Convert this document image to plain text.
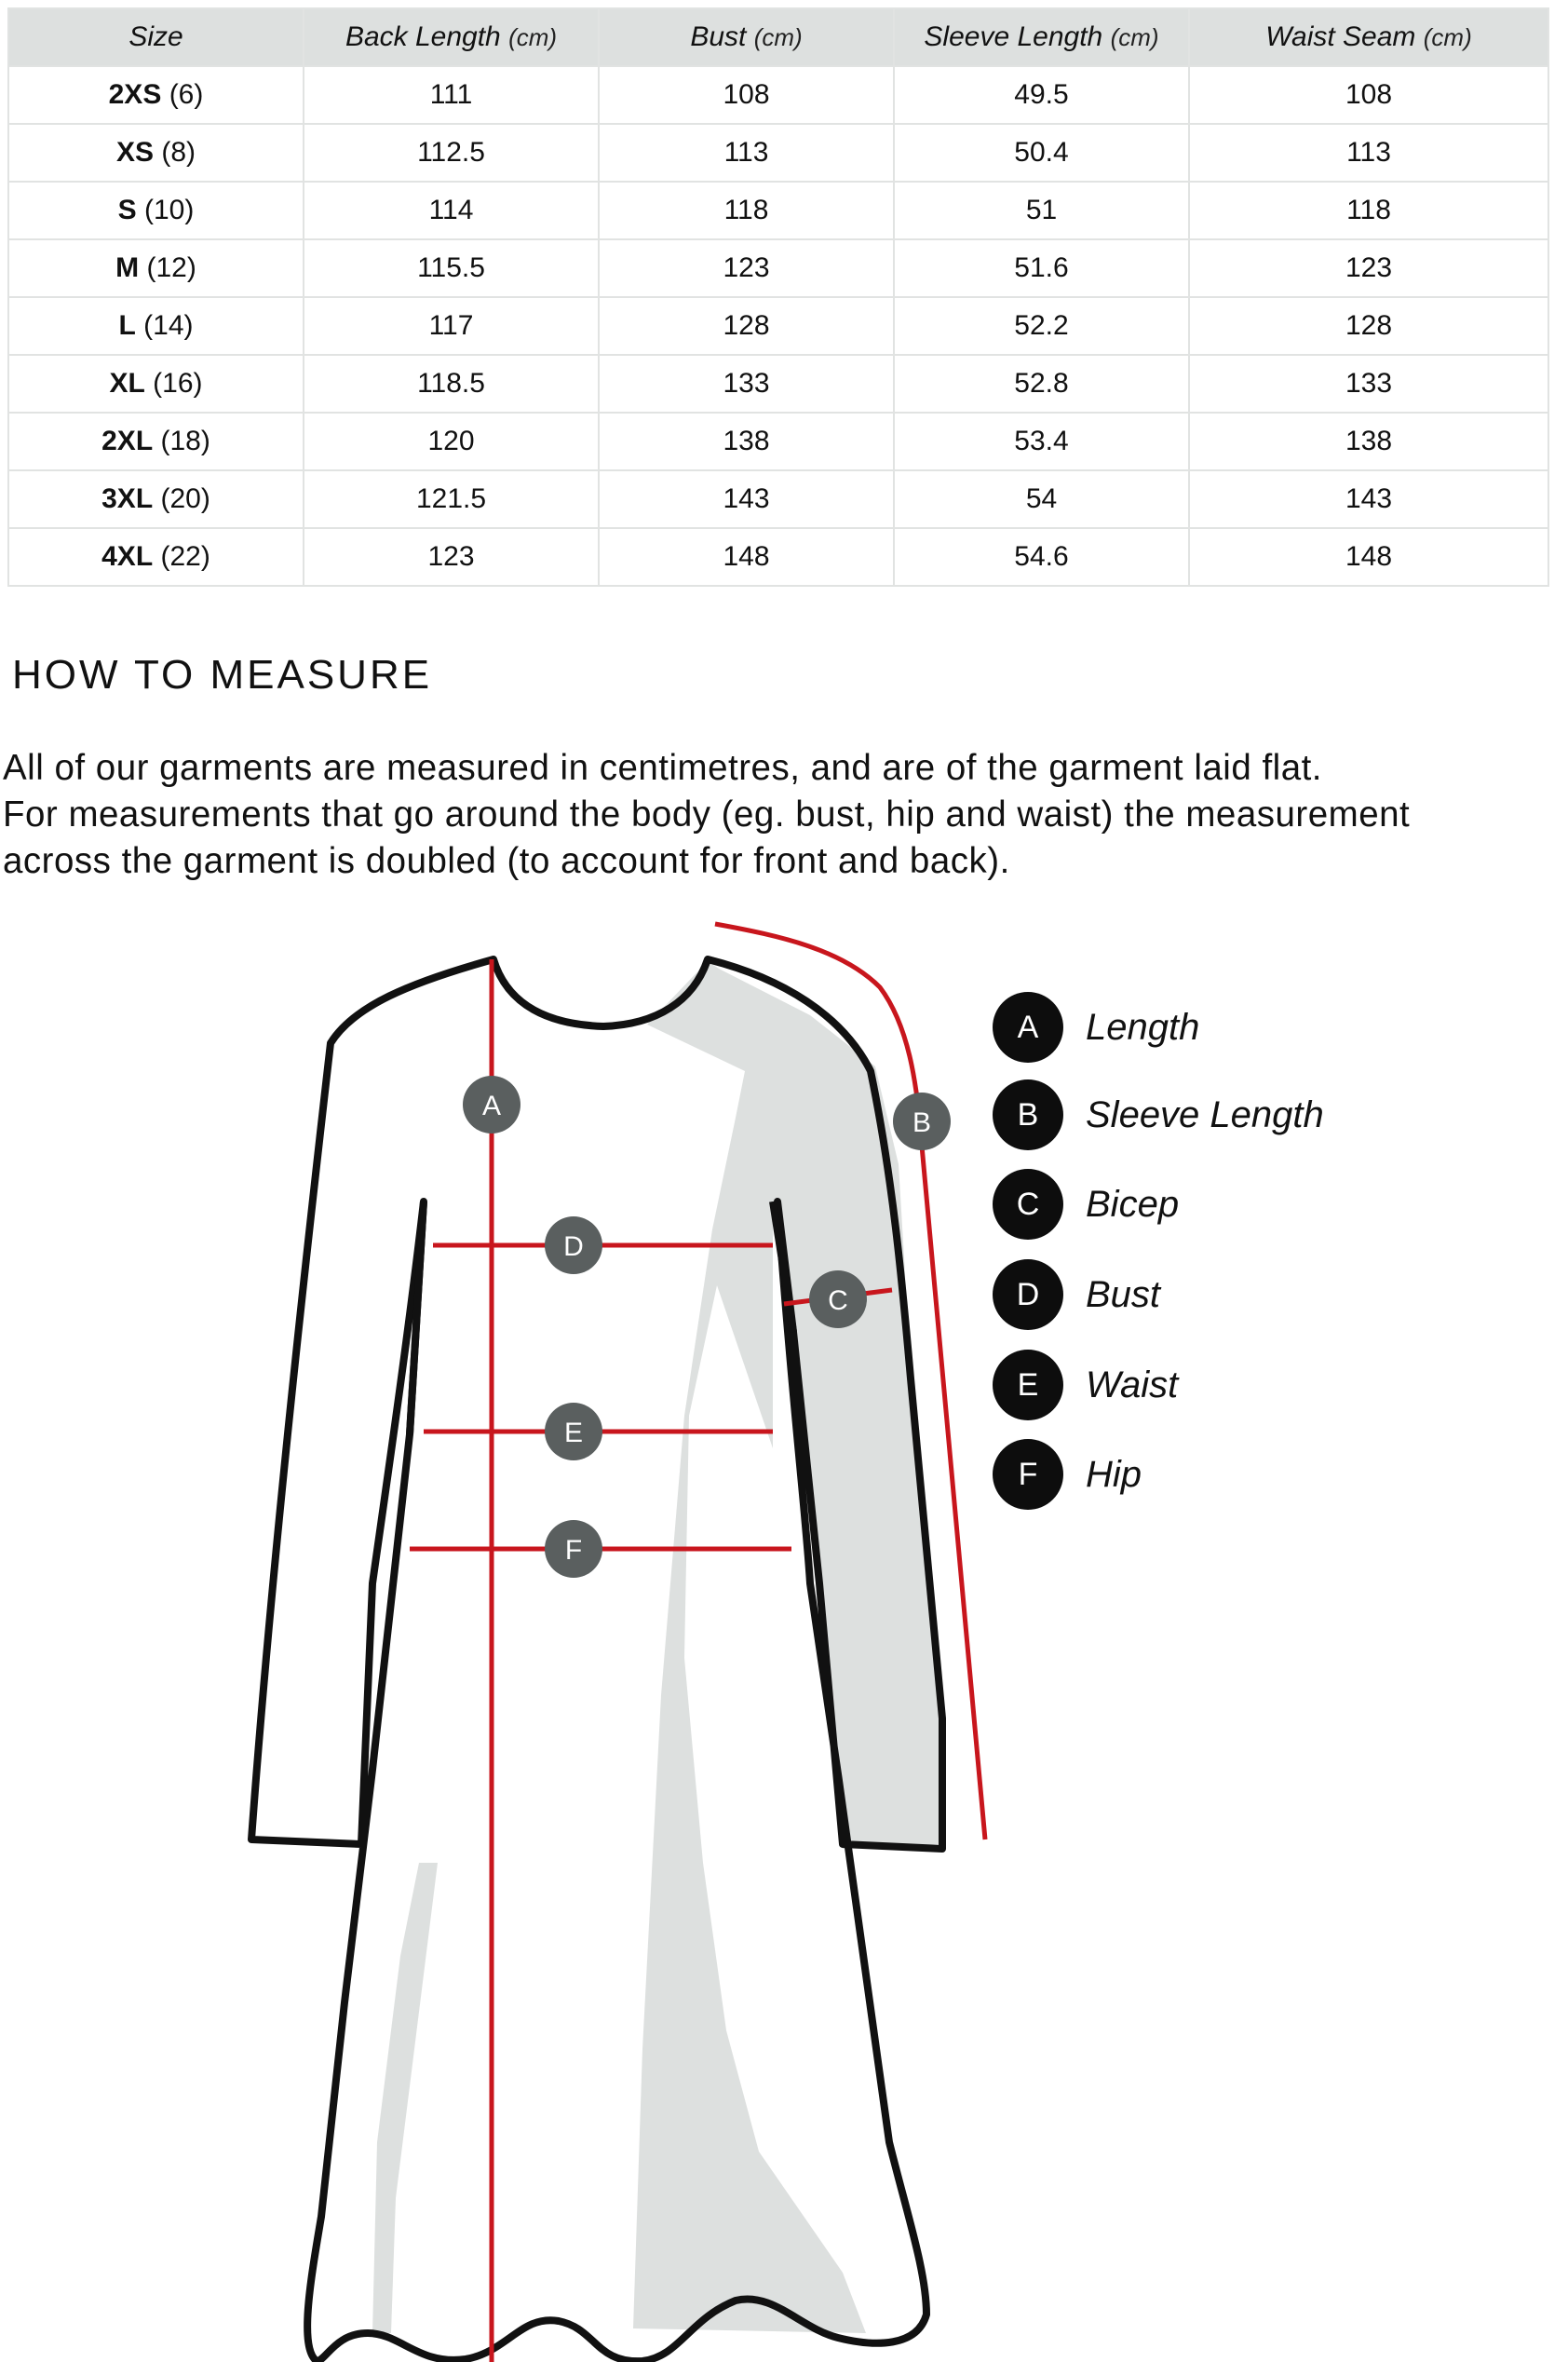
Size	Back Length (cm)	Bust (cm)	Sleeve Length (cm)	Waist Seam (cm)
2XS (6)	111	108	49.5	108
XS (8)	112.5	113	50.4	113
S (10)	114	118	51	118
M (12)	115.5	123	51.6	123
L (14)	117	128	52.2	128
XL (16)	118.5	133	52.8	133
2XL (18)	120	138	53.4	138
3XL (20)	121.5	143	54	143
4XL (22)	123	148	54.6	148
HOW TO MEASURE

All of our garments are measured in centimetres, and are of the garment laid flat.
For measurements that go around the body (eg. bust, hip and waist) the measurement
across the garment is doubled (to account for front and back).

A
B
C
D
E
F
A	Length
B	Sleeve Length
C	Bicep
D	Bust
E	Waist
F	Hip
